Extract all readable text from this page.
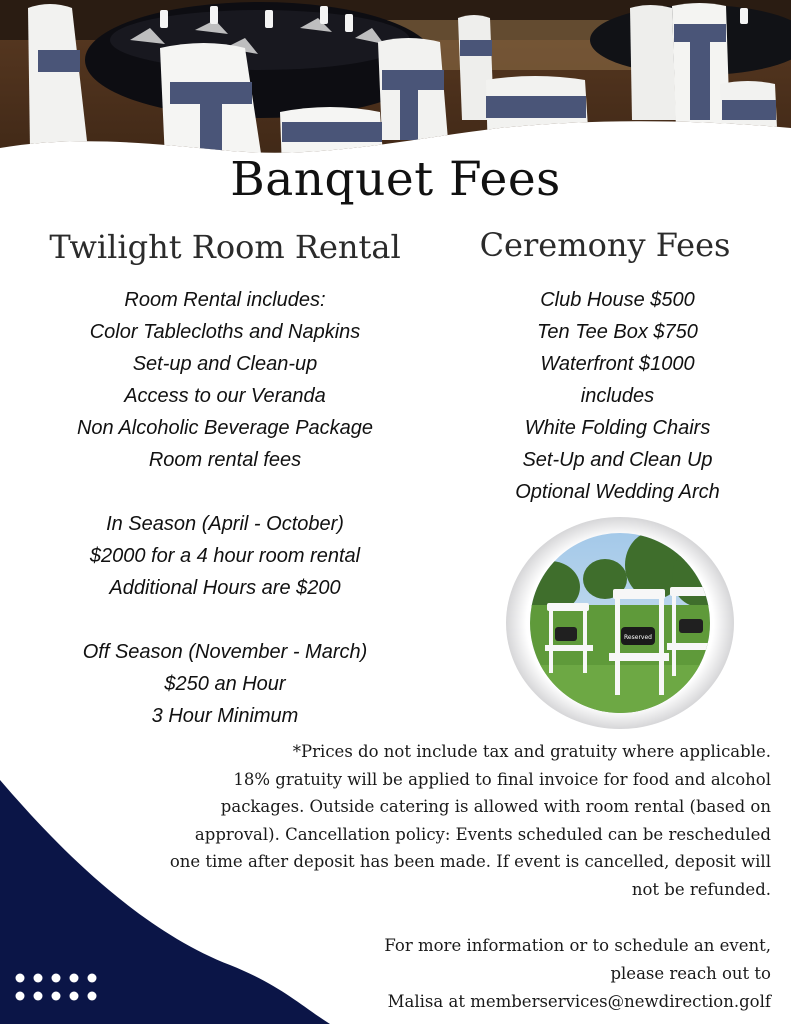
Banquet Fees
Twilight Room Rental	Ceremony Fees
Room Rental includes:
Color Tablecloths and Napkins
Set-up and Clean-up
Access to our Veranda
Non Alcoholic Beverage Package
Room rental fees
In Season (April - October)
$2000 for a 4 hour room rental
Additional Hours are $200
Off Season (November - March)
$250 an Hour
3 Hour Minimum
Club House $500
Ten Tee Box $750
Waterfront $1000
includes
White Folding Chairs
Set-Up and Clean Up
Optional Wedding Arch
Reserved
*Prices do not include tax and gratuity where applicable.
18% gratuity will be applied to final invoice for food and alcohol
packages. Outside catering is allowed with room rental (based on
approval). Cancellation policy: Events scheduled can be rescheduled
one time after deposit has been made. If event is cancelled, deposit will
not be refunded.
For more information or to schedule an event,
please reach out to
Malisa at memberservices@newdirection.golf
